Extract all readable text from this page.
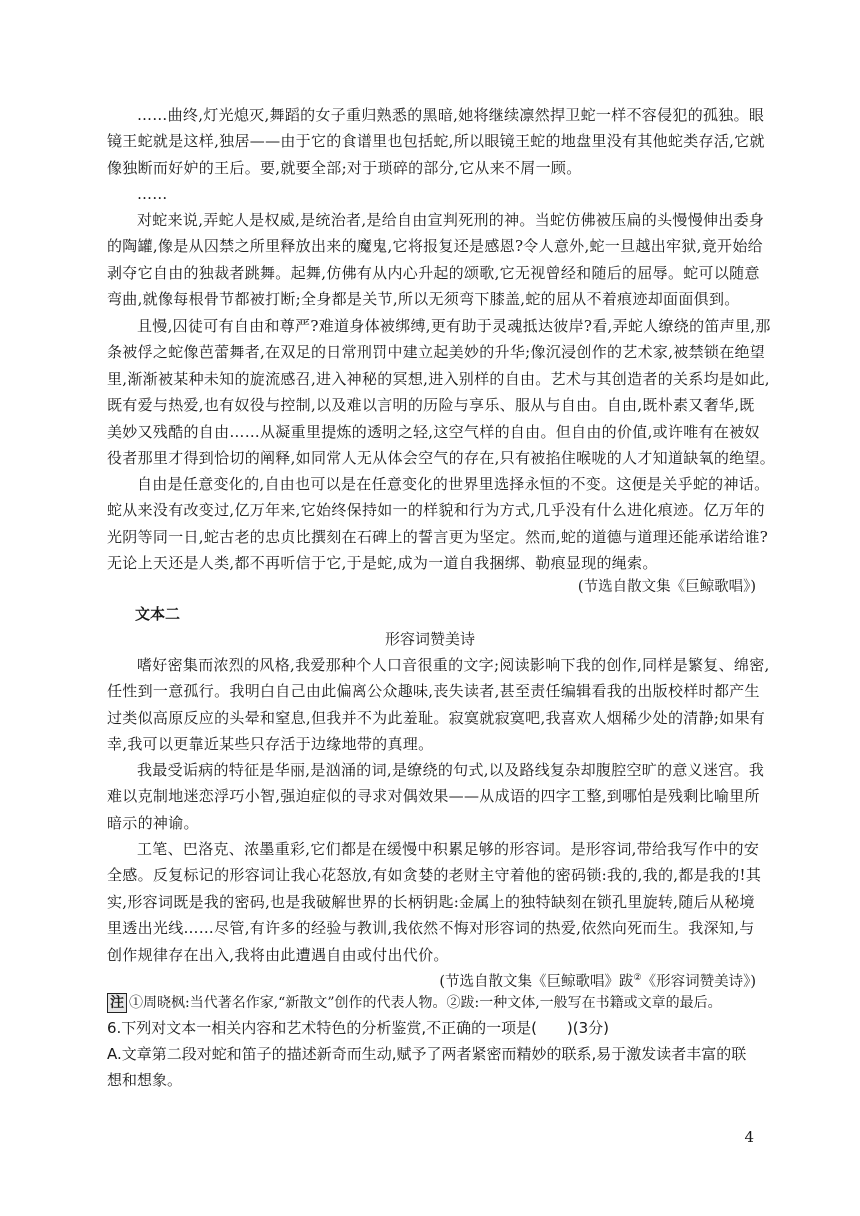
……曲终,灯光熄灭,舞蹈的女子重归熟悉的黑暗,她将继续凛然捍卫蛇一样不容侵犯的孤独。眼
镜王蛇就是这样,独居——由于它的食谱里也包括蛇,所以眼镜王蛇的地盘里没有其他蛇类存活,它就
像独断而好妒的王后。要,就要全部;对于琐碎的部分,它从来不屑一顾。
……
对蛇来说,弄蛇人是权威,是统治者,是给自由宣判死刑的神。当蛇仿佛被压扁的头慢慢伸出委身
的陶罐,像是从囚禁之所里释放出来的魔鬼,它将报复还是感恩?令人意外,蛇一旦越出牢狱,竟开始给
剥夺它自由的独裁者跳舞。起舞,仿佛有从内心升起的颂歌,它无视曾经和随后的屈辱。蛇可以随意
弯曲,就像每根骨节都被打断;全身都是关节,所以无须弯下膝盖,蛇的屈从不着痕迹却面面俱到。
且慢,囚徒可有自由和尊严?难道身体被绑缚,更有助于灵魂抵达彼岸?看,弄蛇人缭绕的笛声里,那
条被俘之蛇像芭蕾舞者,在双足的日常刑罚中建立起美妙的升华;像沉浸创作的艺术家,被禁锁在绝望
里,渐渐被某种未知的旋流感召,进入神秘的冥想,进入别样的自由。艺术与其创造者的关系均是如此,
既有爱与热爱,也有奴役与控制,以及难以言明的历险与享乐、服从与自由。自由,既朴素又奢华,既
美妙又残酷的自由……从凝重里提炼的透明之轻,这空气样的自由。但自由的价值,或许唯有在被奴
役者那里才得到恰切的阐释,如同常人无从体会空气的存在,只有被掐住喉咙的人才知道缺氧的绝望。
自由是任意变化的,自由也可以是在任意变化的世界里选择永恒的不变。这便是关乎蛇的神话。
蛇从来没有改变过,亿万年来,它始终保持如一的样貌和行为方式,几乎没有什么进化痕迹。亿万年的
光阴等同一日,蛇古老的忠贞比撰刻在石碑上的誓言更为坚定。然而,蛇的道德与道理还能承诺给谁?
无论上天还是人类,都不再听信于它,于是蛇,成为一道自我捆绑、勒痕显现的绳索。
(节选自散文集《巨鲸歌唱》)
文本二
形容词赞美诗
嗜好密集而浓烈的风格,我爱那种个人口音很重的文字;阅读影响下我的创作,同样是繁复、绵密,
任性到一意孤行。我明白自己由此偏离公众趣味,丧失读者,甚至责任编辑看我的出版校样时都产生
过类似高原反应的头晕和窒息,但我并不为此羞耻。寂寞就寂寞吧,我喜欢人烟稀少处的清静;如果有
幸,我可以更靠近某些只存活于边缘地带的真理。
我最受诟病的特征是华丽,是汹涌的词,是缭绕的句式,以及路线复杂却腹腔空旷的意义迷宫。我
难以克制地迷恋浮巧小智,强迫症似的寻求对偶效果——从成语的四字工整,到哪怕是残剩比喻里所
暗示的神谕。
工笔、巴洛克、浓墨重彩,它们都是在缓慢中积累足够的形容词。是形容词,带给我写作中的安
全感。反复标记的形容词让我心花怒放,有如贪婪的老财主守着他的密码锁:我的,我的,都是我的!其
实,形容词既是我的密码,也是我破解世界的长柄钥匙:金属上的独特缺刻在锁孔里旋转,随后从秘境
里透出光线……尽管,有许多的经验与教训,我依然不悔对形容词的热爱,依然向死而生。我深知,与
创作规律存在出入,我将由此遭遇自由或付出代价。
(节选自散文集《巨鲸歌唱》跋②《形容词赞美诗》)
注 ①周晓枫:当代著名作家,“新散文”创作的代表人物。②跋:一种文体,一般写在书籍或文章的最后。
6.下列对文本一相关内容和艺术特色的分析鉴赏,不正确的一项是(　　)(3分)
A.文章第二段对蛇和笛子的描述新奇而生动,赋予了两者紧密而精妙的联系,易于激发读者丰富的联
想和想象。
4
